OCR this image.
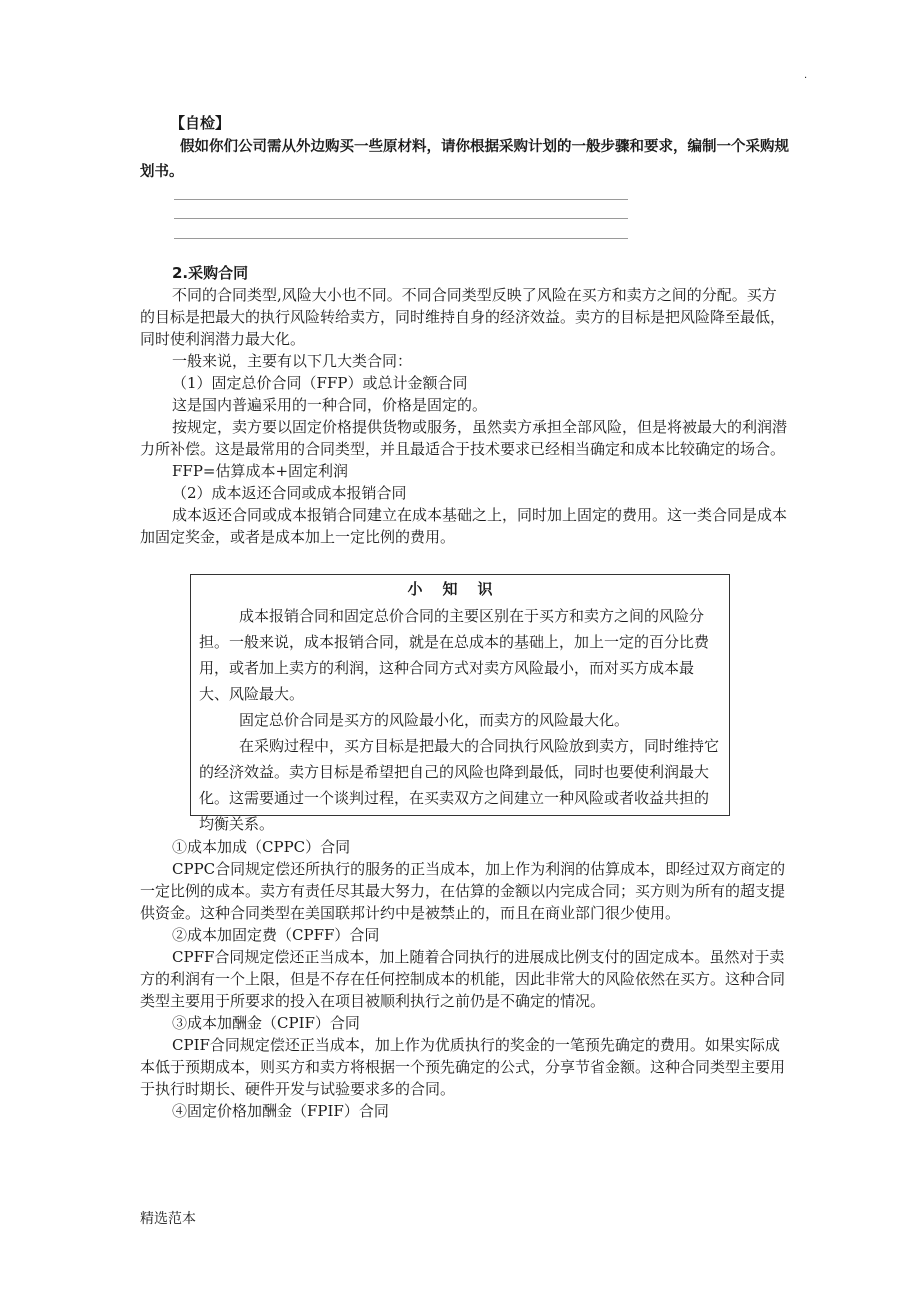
.
【自检】
假如你们公司需从外边购买一些原材料，请你根据采购计划的一般步骤和要求，编制一个采购规划书。
2.采购合同

不同的合同类型,风险大小也不同。不同合同类型反映了风险在买方和卖方之间的分配。买方的目标是把最大的执行风险转给卖方，同时维持自身的经济效益。卖方的目标是把风险降至最低，同时使利润潜力最大化。

一般来说，主要有以下几大类合同：

（1）固定总价合同（FFP）或总计金额合同

这是国内普遍采用的一种合同，价格是固定的。

按规定，卖方要以固定价格提供货物或服务，虽然卖方承担全部风险，但是将被最大的利润潜力所补偿。这是最常用的合同类型，并且最适合于技术要求已经相当确定和成本比较确定的场合。

FFP=估算成本+固定利润

（2）成本返还合同或成本报销合同

成本返还合同或成本报销合同建立在成本基础之上，同时加上固定的费用。这一类合同是成本加固定奖金，或者是成本加上一定比例的费用。

小知识

成本报销合同和固定总价合同的主要区别在于买方和卖方之间的风险分担。一般来说，成本报销合同，就是在总成本的基础上，加上一定的百分比费用，或者加上卖方的利润，这种合同方式对卖方风险最小，而对买方成本最大、风险最大。

固定总价合同是买方的风险最小化，而卖方的风险最大化。

在采购过程中，买方目标是把最大的合同执行风险放到卖方，同时维持它的经济效益。卖方目标是希望把自己的风险也降到最低，同时也要使利润最大化。这需要通过一个谈判过程，在买卖双方之间建立一种风险或者收益共担的均衡关系。

①成本加成（CPPC）合同

CPPC合同规定偿还所执行的服务的正当成本，加上作为利润的估算成本，即经过双方商定的一定比例的成本。卖方有责任尽其最大努力，在估算的金额以内完成合同；买方则为所有的超支提供资金。这种合同类型在美国联邦计约中是被禁止的，而且在商业部门很少使用。

②成本加固定费（CPFF）合同

CPFF合同规定偿还正当成本，加上随着合同执行的进展成比例支付的固定成本。虽然对于卖方的利润有一个上限，但是不存在任何控制成本的机能，因此非常大的风险依然在买方。这种合同类型主要用于所要求的投入在项目被顺利执行之前仍是不确定的情况。

③成本加酬金（CPIF）合同

CPIF合同规定偿还正当成本，加上作为优质执行的奖金的一笔预先确定的费用。如果实际成本低于预期成本，则买方和卖方将根据一个预先确定的公式，分享节省金额。这种合同类型主要用于执行时期长、硬件开发与试验要求多的合同。

④固定价格加酬金（FPIF）合同

精选范本
